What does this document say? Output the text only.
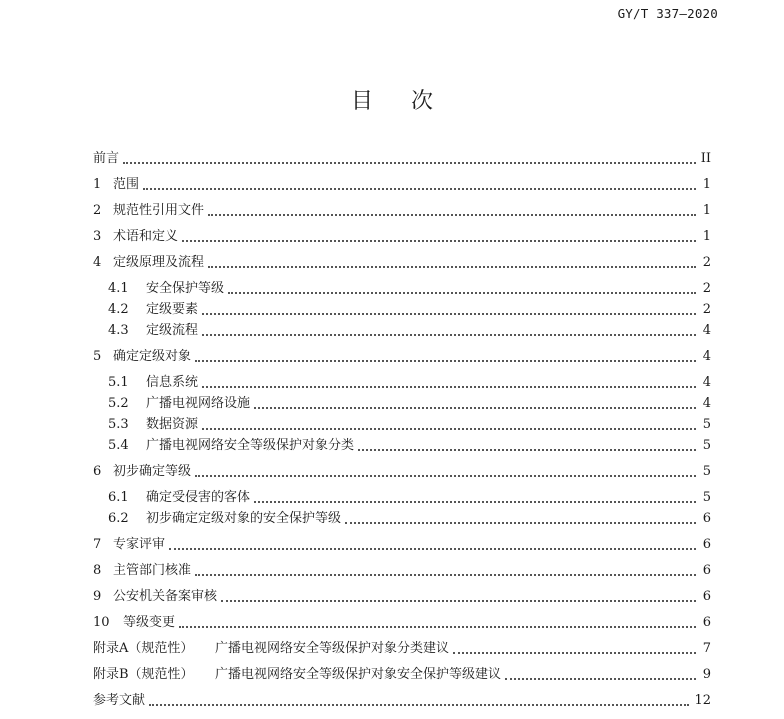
GY/T 337—2020
目 次
前言	II
1 范围	1
2 规范性引用文件	1
3 术语和定义	1
4 定级原理及流程	2
4.1	安全保护等级	2
4.2	定级要素	2
4.3	定级流程	4
5 确定定级对象	4
5.1	信息系统	4
5.2	广播电视网络设施	4
5.3	数据资源	5
5.4	广播电视网络安全等级保护对象分类	5
6 初步确定等级	5
6.1	确定受侵害的客体	5
6.2	初步确定定级对象的安全保护等级	6
7 专家评审	6
8 主管部门核准	6
9 公安机关备案审核	6
10	等级变更	6
附录A（规范性）	广播电视网络安全等级保护对象分类建议	7
附录B（规范性）	广播电视网络安全等级保护对象安全保护等级建议	9
参考文献	12
